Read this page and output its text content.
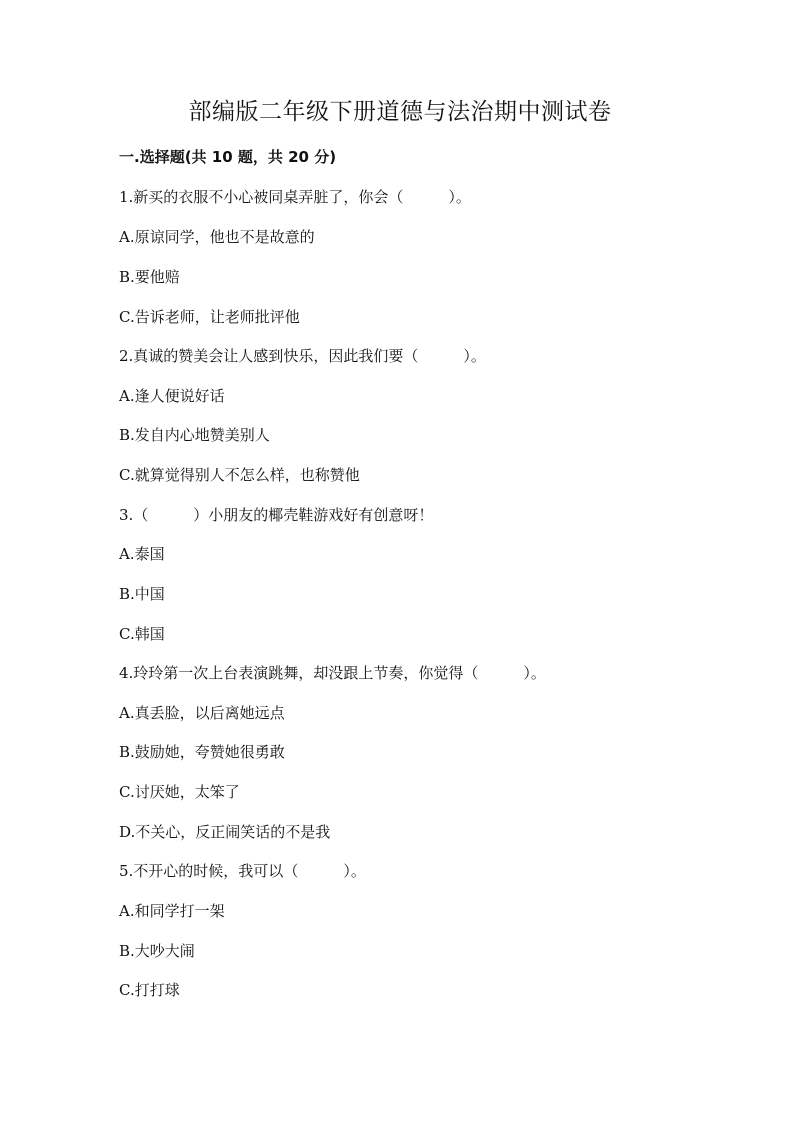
部编版二年级下册道德与法治期中测试卷
一.选择题(共 10 题，共 20 分)
1.新买的衣服不小心被同桌弄脏了，你会（　　　）。
A.原谅同学，他也不是故意的
B.要他赔
C.告诉老师，让老师批评他
2.真诚的赞美会让人感到快乐，因此我们要（　　　）。
A.逢人便说好话
B.发自内心地赞美别人
C.就算觉得别人不怎么样，也称赞他
3.（　　　）小朋友的椰壳鞋游戏好有创意呀！
A.泰国
B.中国
C.韩国
4.玲玲第一次上台表演跳舞，却没跟上节奏，你觉得（　　　）。
A.真丢脸，以后离她远点
B.鼓励她，夸赞她很勇敢
C.讨厌她，太笨了
D.不关心，反正闹笑话的不是我
5.不开心的时候，我可以（　　　）。
A.和同学打一架
B.大吵大闹
C.打打球
